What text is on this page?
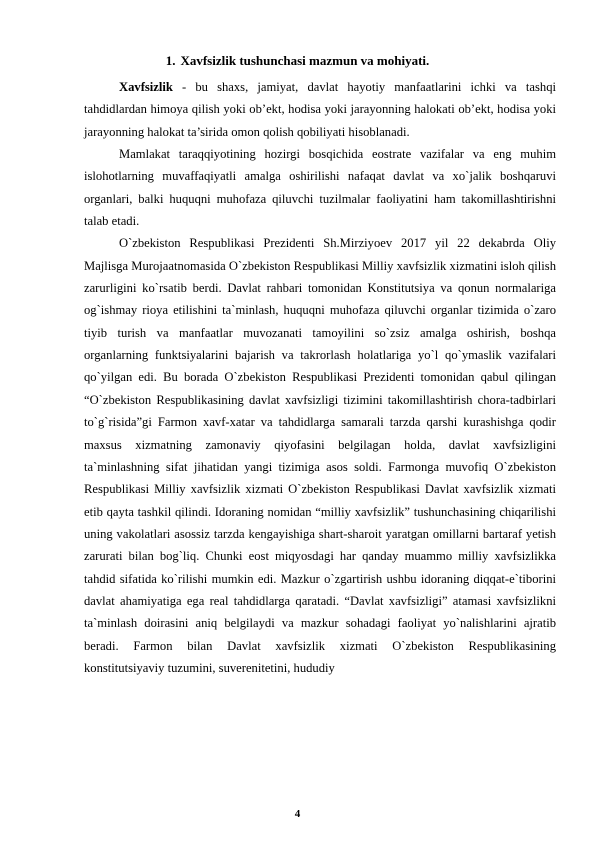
1. Xavfsizlik tushunchasi mazmun va mohiyati.

Xavfsizlik - bu shaxs, jamiyat, davlat hayotiy manfaatlarini ichki va tashqi tahdidlardan himoya qilish yoki ob’ekt, hodisa yoki jarayonning halokati ob’ekt, hodisa yoki jarayonning halokat ta’sirida omon qolish qobiliyati hisoblanadi.

Mamlakat taraqqiyotining hozirgi bosqichida eostrate vazifalar va eng muhim islohotlarning muvaffaqiyatli amalga oshirilishi nafaqat davlat va xo`jalik boshqaruvi organlari, balki huquqni muhofaza qiluvchi tuzilmalar faoliyatini ham takomillashtirishni talab etadi.

O`zbekiston Respublikasi Prezidenti Sh.Mirziyoev 2017 yil 22 dekabrda Oliy Majlisga Murojaatnomasida O`zbekiston Respublikasi Milliy xavfsizlik xizmatini isloh qilish zarurligini ko`rsatib berdi. Davlat rahbari tomonidan Konstitutsiya va qonun normalariga og`ishmay rioya etilishini ta`minlash, huquqni muhofaza qiluvchi organlar tizimida o`zaro tiyib turish va manfaatlar muvozanati tamoyilini so`zsiz amalga oshirish, boshqa organlarning funktsiyalarini bajarish va takrorlash holatlariga yo`l qo`ymaslik vazifalari qo`yilgan edi. Bu borada O`zbekiston Respublikasi Prezidenti tomonidan qabul qilingan “O`zbekiston Respublikasining davlat xavfsizligi tizimini takomillashtirish chora-tadbirlari to`g`risida”gi Farmon xavf-xatar va tahdidlarga samarali tarzda qarshi kurashishga qodir maxsus xizmatning zamonaviy qiyofasini belgilagan holda, davlat xavfsizligini ta`minlashning sifat jihatidan yangi tizimiga asos soldi. Farmonga muvofiq O`zbekiston Respublikasi Milliy xavfsizlik xizmati O`zbekiston Respublikasi Davlat xavfsizlik xizmati etib qayta tashkil qilindi. Idoraning nomidan “milliy xavfsizlik” tushunchasining chiqarilishi uning vakolatlari asossiz tarzda kengayishiga shart-sharoit yaratgan omillarni bartaraf yetish zarurati bilan bog`liq. Chunki eost miqyosdagi har qanday muammo milliy xavfsizlikka tahdid sifatida ko`rilishi mumkin edi. Mazkur o`zgartirish ushbu idoraning diqqat-e`tiborini davlat ahamiyatiga ega real tahdidlarga qaratadi. “Davlat xavfsizligi” atamasi xavfsizlikni ta`minlash doirasini aniq belgilaydi va mazkur sohadagi faoliyat yo`nalishlarini ajratib beradi. Farmon bilan Davlat xavfsizlik xizmati O`zbekiston Respublikasining konstitutsiyaviy tuzumini, suverenitetini, hududiy

4
